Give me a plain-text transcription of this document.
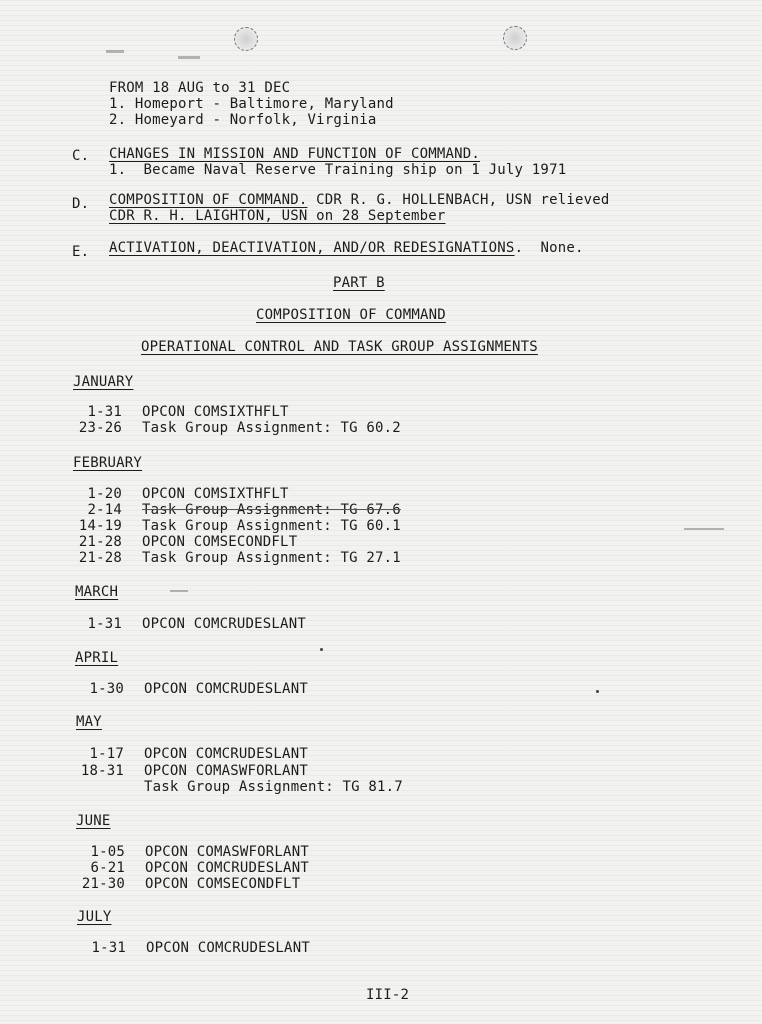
FROM 18 AUG to 31 DEC
1. Homeport - Baltimore, Maryland
2. Homeyard - Norfolk, Virginia
C. CHANGES IN MISSION AND FUNCTION OF COMMAND.
1.  Became Naval Reserve Training ship on 1 July 1971
D. COMPOSITION OF COMMAND. CDR R. G. HOLLENBACH, USN relieved
CDR R. H. LAIGHTON, USN on 28 September
E. ACTIVATION, DEACTIVATION, AND/OR REDESIGNATIONS.  None.
PART B
COMPOSITION OF COMMAND
OPERATIONAL CONTROL AND TASK GROUP ASSIGNMENTS
JANUARY
1-31 OPCON COMSIXTHFLT
23-26 Task Group Assignment: TG 60.2
FEBRUARY
1-20 OPCON COMSIXTHFLT
2-14 Task Group Assignment: TG 67.6
14-19 Task Group Assignment: TG 60.1
21-28 OPCON COMSECONDFLT
21-28 Task Group Assignment: TG 27.1
MARCH
1-31 OPCON COMCRUDESLANT
APRIL
1-30 OPCON COMCRUDESLANT
MAY
1-17 OPCON COMCRUDESLANT
18-31 OPCON COMASWFORLANT
Task Group Assignment: TG 81.7
JUNE
1-05 OPCON COMASWFORLANT
6-21 OPCON COMCRUDESLANT
21-30 OPCON COMSECONDFLT
JULY
1-31 OPCON COMCRUDESLANT
III-2
